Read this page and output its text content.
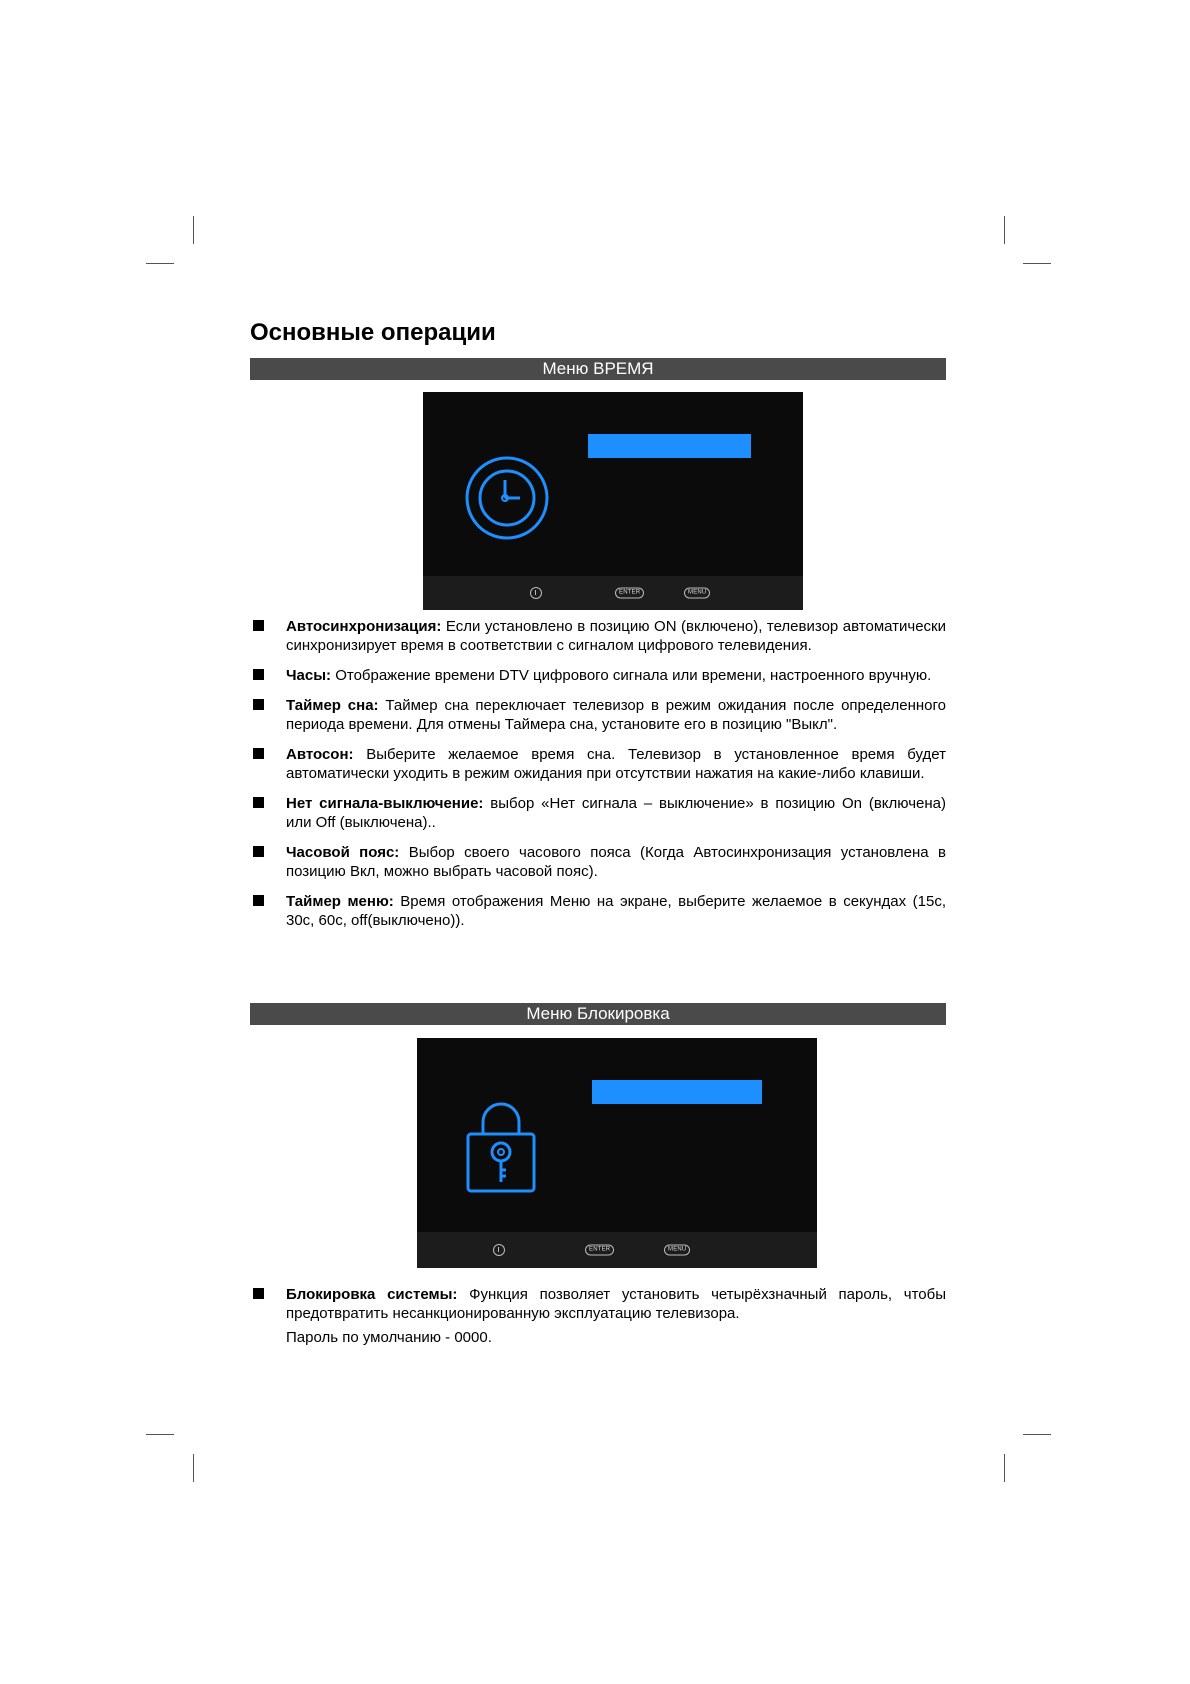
Основные операции
Меню ВРЕМЯ
ENTER	MENU
Автосинхронизация: Если установлено в позицию ON (включено), телевизор автоматически синхронизирует время в соответствии с сигналом цифрового телевидения.
Часы: Отображение времени DTV цифрового сигнала или времени, настроенного вручную.
Таймер сна: Таймер сна переключает телевизор в режим ожидания после определенного периода времени. Для отмены Таймера сна, установите его в позицию "Выкл".
Автосон: Выберите желаемое время сна. Телевизор в установленное время будет автоматически уходить в режим ожидания при отсутствии нажатия на какие-либо клавиши.
Нет сигнала-выключение: выбор «Нет сигнала – выключение» в позицию On (включена) или Off (выключена)..
Часовой пояс: Выбор своего часового пояса (Когда Автосинхронизация установлена в позицию Вкл, можно выбрать часовой пояс).
Таймер меню: Время отображения Меню на экране, выберите желаемое в секундах (15с, 30с, 60с, off(выключено)).
Меню Блокировка
ENTER	MENU
Блокировка системы: Функция позволяет установить четырёхзначный пароль, чтобы предотвратить несанкционированную эксплуатацию телевизора.
Пароль по умолчанию - 0000.
